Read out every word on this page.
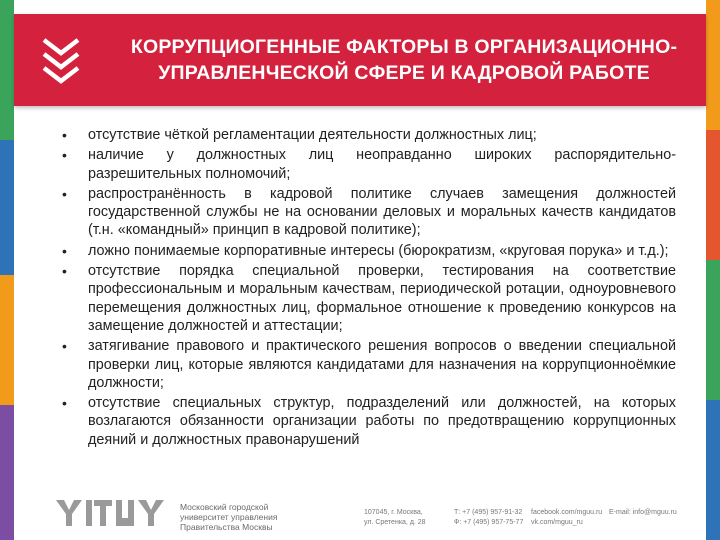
КОРРУПЦИОГЕННЫЕ ФАКТОРЫ В ОРГАНИЗАЦИОННО-УПРАВЛЕНЧЕСКОЙ СФЕРЕ И КАДРОВОЙ РАБОТЕ
• отсутствие чёткой регламентации деятельности должностных лиц;
• наличие у должностных лиц неоправданно широких распорядительно-разрешительных полномочий;
• распространённость в кадровой политике случаев замещения должностей государственной службы не на основании деловых и моральных качеств кандидатов (т.н. «командный» принцип в кадровой политике);
• ложно понимаемые корпоративные интересы (бюрократизм, «круговая порука» и т.д.);
• отсутствие порядка специальной проверки, тестирования на соответствие профессиональным и моральным качествам, периодической ротации, одноуровневого перемещения должностных лиц, формальное отношение к проведению конкурсов на замещение должностей и аттестации;
• затягивание правового и практического решения вопросов о введении специальной проверки лиц, которые являются кандидатами для назначения на коррупционноёмкие должности;
• отсутствие специальных структур, подразделений или должностей, на которых возлагаются обязанности организации работы по предотвращению коррупционных деяний и должностных правонарушений
Московский городской
университет управления
Правительства Москвы
107045, г. Москва,
ул. Сретенка, д. 28
Т: +7 (495) 957-91-32
Ф: +7 (495) 957-75-77
facebook.com/mguu.ru
vk.com/mguu_ru
E-mail: info@mguu.ru
